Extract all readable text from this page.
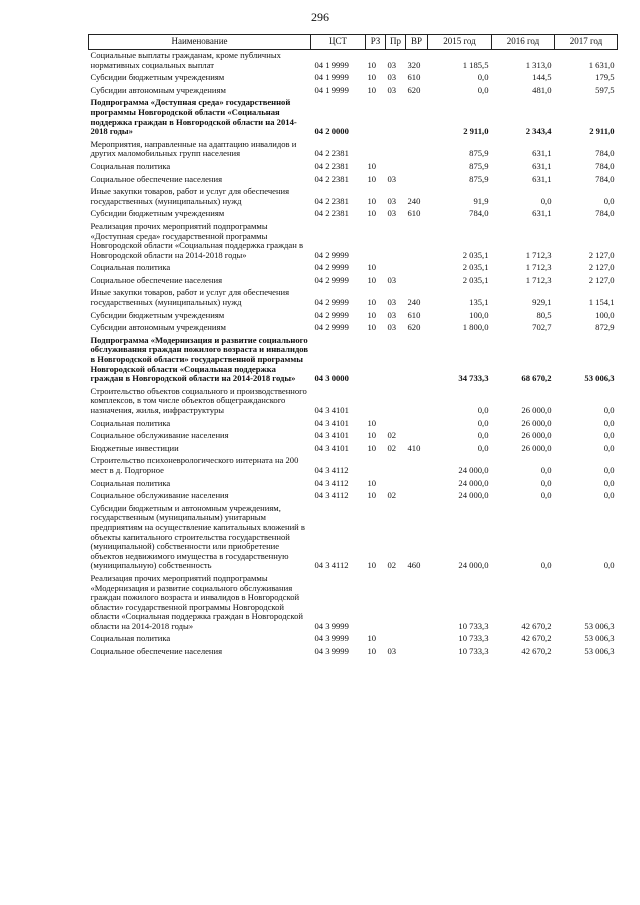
296
Наименование	ЦСТ	РЗ	Пр	ВР	2015 год	2016 год	2017 год
Социальные выплаты гражданам, кроме публичных нормативных социальных выплат	04 1 9999	10	03	320	1 185,5	1 313,0	1 631,0
Субсидии бюджетным учреждениям	04 1 9999	10	03	610	0,0	144,5	179,5
Субсидии автономным учреждениям	04 1 9999	10	03	620	0,0	481,0	597,5
Подпрограмма «Доступная среда» государственной программы Новгородской области «Социальная поддержка граждан в Новгородской области на 2014-2018 годы»	04 2 0000				2 911,0	2 343,4	2 911,0
Мероприятия, направленные на адаптацию инвалидов и других маломобильных групп населения	04 2 2381				875,9	631,1	784,0
Социальная политика	04 2 2381	10			875,9	631,1	784,0
Социальное обеспечение населения	04 2 2381	10	03		875,9	631,1	784,0
Иные закупки товаров, работ и услуг для обеспечения государственных (муниципальных) нужд	04 2 2381	10	03	240	91,9	0,0	0,0
Субсидии бюджетным учреждениям	04 2 2381	10	03	610	784,0	631,1	784,0
Реализация прочих мероприятий подпрограммы «Доступная среда» государственной программы Новгородской области «Социальная поддержка граждан в Новгородской области на 2014-2018 годы»	04 2 9999				2 035,1	1 712,3	2 127,0
Социальная политика	04 2 9999	10			2 035,1	1 712,3	2 127,0
Социальное обеспечение населения	04 2 9999	10	03		2 035,1	1 712,3	2 127,0
Иные закупки товаров, работ и услуг для обеспечения государственных (муниципальных) нужд	04 2 9999	10	03	240	135,1	929,1	1 154,1
Субсидии бюджетным учреждениям	04 2 9999	10	03	610	100,0	80,5	100,0
Субсидии автономным учреждениям	04 2 9999	10	03	620	1 800,0	702,7	872,9
Подпрограмма «Модернизация и развитие социального обслуживания граждан пожилого возраста и инвалидов в Новгородской области» государственной программы Новгородской области «Социальная поддержка граждан в Новгородской области на 2014-2018 годы»	04 3 0000				34 733,3	68 670,2	53 006,3
Строительство объектов социального и производственного комплексов, в том числе объектов общегражданского назначения, жилья, инфраструктуры	04 3 4101				0,0	26 000,0	0,0
Социальная политика	04 3 4101	10			0,0	26 000,0	0,0
Социальное обслуживание населения	04 3 4101	10	02		0,0	26 000,0	0,0
Бюджетные инвестиции	04 3 4101	10	02	410	0,0	26 000,0	0,0
Строительство психоневрологического интерната на 200 мест в д. Подгорное	04 3 4112				24 000,0	0,0	0,0
Социальная политика	04 3 4112	10			24 000,0	0,0	0,0
Социальное обслуживание населения	04 3 4112	10	02		24 000,0	0,0	0,0
Субсидии бюджетным и автономным учреждениям, государственным (муниципальным) унитарным предприятиям на осуществление капитальных вложений в объекты капитального строительства государственной (муниципальной) собственности или приобретение объектов недвижимого имущества в государственную (муниципальную) собственность	04 3 4112	10	02	460	24 000,0	0,0	0,0
Реализация прочих мероприятий подпрограммы «Модернизация и развитие социального обслуживания граждан пожилого возраста и инвалидов в Новгородской области» государственной программы Новгородской области «Социальная поддержка граждан в Новгородской области на 2014-2018 годы»	04 3 9999				10 733,3	42 670,2	53 006,3
Социальная политика	04 3 9999	10			10 733,3	42 670,2	53 006,3
Социальное обеспечение населения	04 3 9999	10	03		10 733,3	42 670,2	53 006,3
